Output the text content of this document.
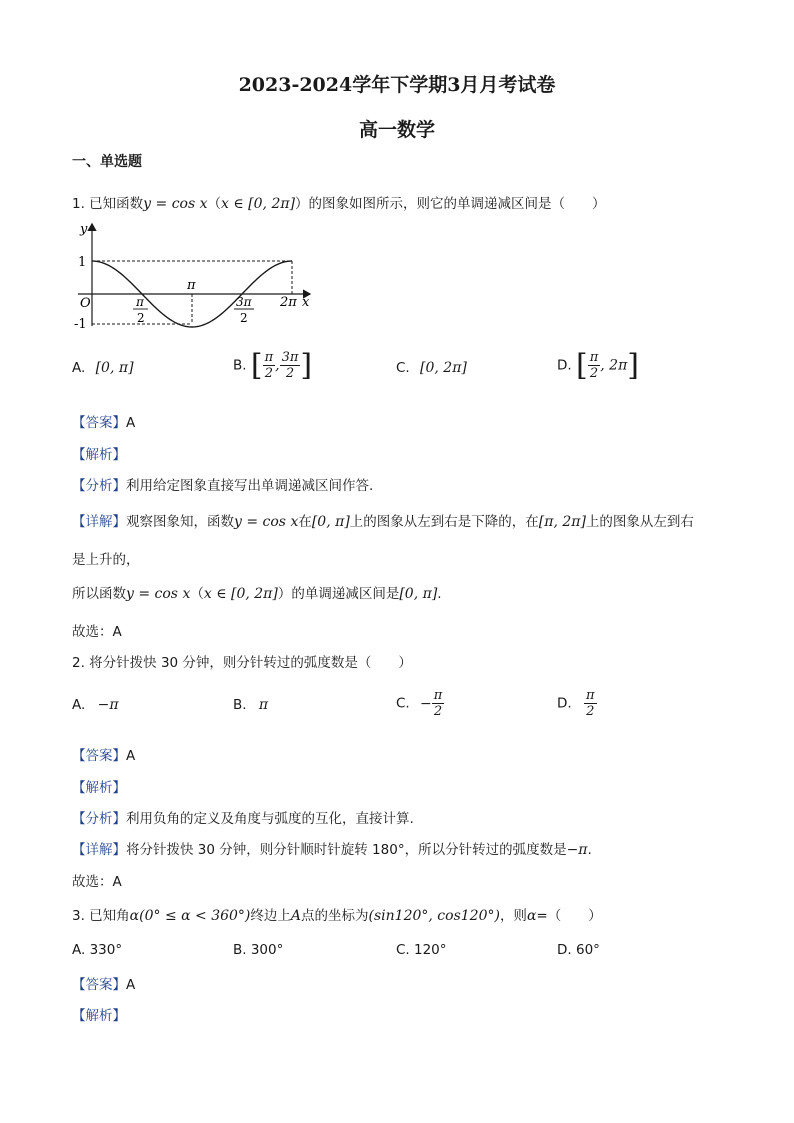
2023-2024学年下学期3月月考试卷
高一数学
一、单选题
1. 已知函数y = cos x（x ∈ [0, 2π]）的图象如图所示，则它的单调递减区间是（　　）
y
x
O
1
-1
π
2π
π
2
3π
2
A. [0, π]	B. [ $\frac{\pi}{2}$ , $\frac{3\pi}{2}$ ]	C. [0, 2π]	D. [ $\frac{\pi}{2}$ , 2π]
【答案】A
【解析】
【分析】利用给定图象直接写出单调递减区间作答.
【详解】观察图象知，函数y = cos x在[0, π]上的图象从左到右是下降的，在[π, 2π]上的图象从左到右
是上升的，
所以函数y = cos x（x ∈ [0, 2π]）的单调递减区间是[0, π].
故选：A
2. 将分针拨快 30 分钟，则分针转过的弧度数是（　　）
A. −π	B. π	C. − $\frac{\pi}{2}$	D. $\frac{\pi}{2}$
【答案】A
【解析】
【分析】利用负角的定义及角度与弧度的互化，直接计算.
【详解】将分针拨快 30 分钟，则分针顺时针旋转 180°，所以分针转过的弧度数是−π.
故选：A
3. 已知角α(0° ≤ α < 360°)终边上A点的坐标为(sin120°, cos120°)，则α=（　　）
A. 330°	B. 300°	C. 120°	D. 60°
【答案】A
【解析】
